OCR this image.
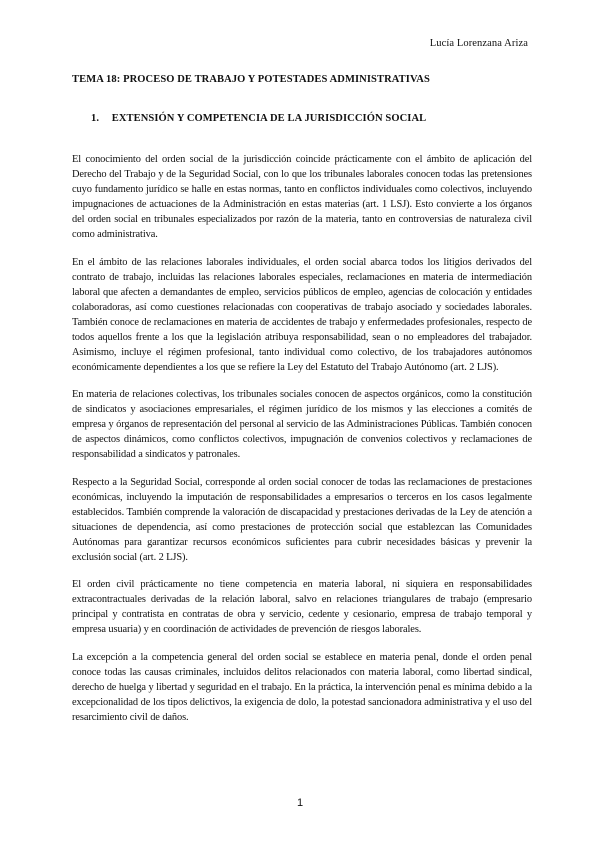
Lucía Lorenzana Ariza
TEMA 18: PROCESO DE TRABAJO Y POTESTADES ADMINISTRATIVAS
1. EXTENSIÓN Y COMPETENCIA DE LA JURISDICCIÓN SOCIAL

El conocimiento del orden social de la jurisdicción coincide prácticamente con el ámbito de aplicación del Derecho del Trabajo y de la Seguridad Social, con lo que los tribunales laborales conocen todas las pretensiones cuyo fundamento jurídico se halle en estas normas, tanto en conflictos individuales como colectivos, incluyendo impugnaciones de actuaciones de la Administración en estas materias (art. 1 LSJ). Esto convierte a los órganos del orden social en tribunales especializados por razón de la materia, tanto en controversias de naturaleza civil como administrativa.

En el ámbito de las relaciones laborales individuales, el orden social abarca todos los litigios derivados del contrato de trabajo, incluidas las relaciones laborales especiales, reclamaciones en materia de intermediación laboral que afecten a demandantes de empleo, servicios públicos de empleo, agencias de colocación y entidades colaboradoras, así como cuestiones relacionadas con cooperativas de trabajo asociado y sociedades laborales. También conoce de reclamaciones en materia de accidentes de trabajo y enfermedades profesionales, respecto de todos aquellos frente a los que la legislación atribuya responsabilidad, sean o no empleadores del trabajador. Asimismo, incluye el régimen profesional, tanto individual como colectivo, de los trabajadores autónomos económicamente dependientes a los que se refiere la Ley del Estatuto del Trabajo Autónomo (art. 2 LJS).

En materia de relaciones colectivas, los tribunales sociales conocen de aspectos orgánicos, como la constitución de sindicatos y asociaciones empresariales, el régimen jurídico de los mismos y las elecciones a comités de empresa y órganos de representación del personal al servicio de las Administraciones Públicas. También conocen de aspectos dinámicos, como conflictos colectivos, impugnación de convenios colectivos y reclamaciones de responsabilidad a sindicatos y patronales.

Respecto a la Seguridad Social, corresponde al orden social conocer de todas las reclamaciones de prestaciones económicas, incluyendo la imputación de responsabilidades a empresarios o terceros en los casos legalmente establecidos. También comprende la valoración de discapacidad y prestaciones derivadas de la Ley de atención a situaciones de dependencia, así como prestaciones de protección social que establezcan las Comunidades Autónomas para garantizar recursos económicos suficientes para cubrir necesidades básicas y prevenir la exclusión social (art. 2 LJS).

El orden civil prácticamente no tiene competencia en materia laboral, ni siquiera en responsabilidades extracontractuales derivadas de la relación laboral, salvo en relaciones triangulares de trabajo (empresario principal y contratista en contratas de obra y servicio, cedente y cesionario, empresa de trabajo temporal y empresa usuaria) y en coordinación de actividades de prevención de riesgos laborales.

La excepción a la competencia general del orden social se establece en materia penal, donde el orden penal conoce todas las causas criminales, incluidos delitos relacionados con materia laboral, como libertad sindical, derecho de huelga y libertad y seguridad en el trabajo. En la práctica, la intervención penal es mínima debido a la excepcionalidad de los tipos delictivos, la exigencia de dolo, la potestad sancionadora administrativa y el uso del resarcimiento civil de daños.

1
